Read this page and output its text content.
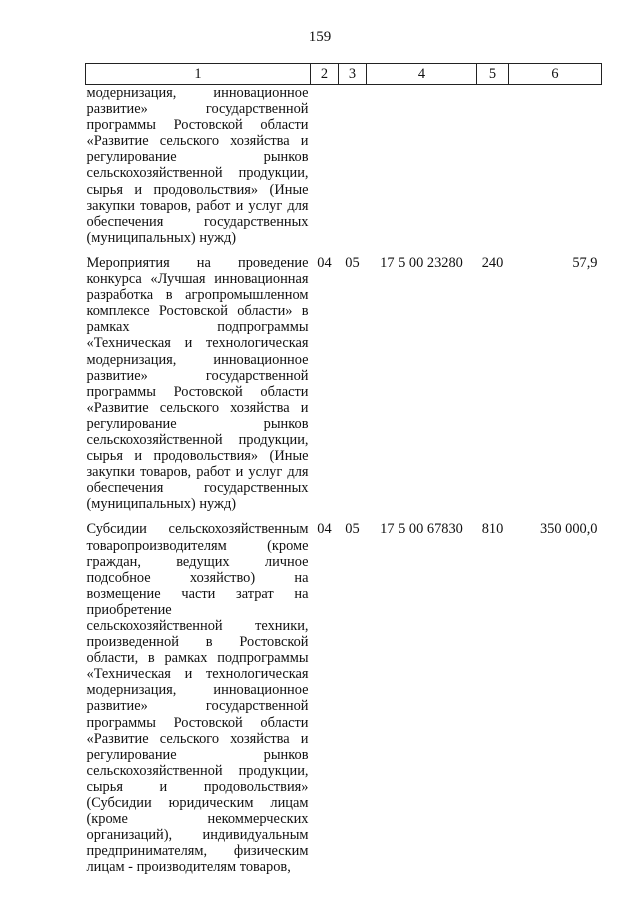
159
1	2	3	4	5	6
модернизация, инновационное развитие» государственной программы Ростовской области «Развитие сельского хозяйства и регулирование рынков сельскохозяйственной продукции, сырья и продовольствия» (Иные закупки товаров, работ и услуг для обеспечения государственных (муниципальных) нужд)					
Мероприятия на проведение конкурса «Лучшая инновационная разработка в агропромышленном комплексе Ростовской области» в рамках подпрограммы «Техническая и технологическая модернизация, инновационное развитие» государственной программы Ростовской области «Развитие сельского хозяйства и регулирование рынков сельскохозяйственной продукции, сырья и продовольствия» (Иные закупки товаров, работ и услуг для обеспечения государственных (муниципальных) нужд)	04	05	17 5 00 23280	240	57,9
Субсидии сельскохозяйственным товаропроизводителям (кроме граждан, ведущих личное подсобное хозяйство) на возмещение части затрат на приобретение сельскохозяйственной техники, произведенной в Ростовской области, в рамках подпрограммы «Техническая и технологическая модернизация, инновационное развитие» государственной программы Ростовской области «Развитие сельского хозяйства и регулирование рынков сельскохозяйственной продукции, сырья и продовольствия» (Субсидии юридическим лицам (кроме некоммерческих организаций), индивидуальным предпринимателям, физическим лицам - производителям товаров,	04	05	17 5 00 67830	810	350 000,0
